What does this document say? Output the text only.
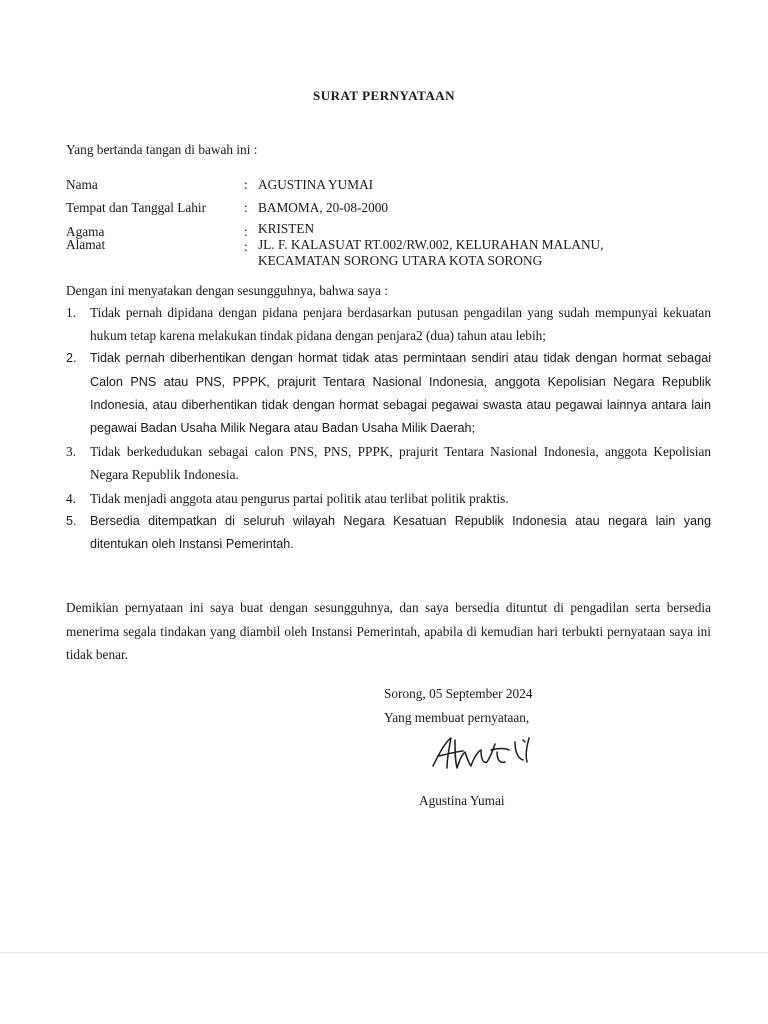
SURAT PERNYATAAN
Yang bertanda tangan di bawah ini :
Nama	: AGUSTINA YUMAI
Tempat dan Tanggal Lahir	: BAMOMA, 20-08-2000
Agama	: KRISTEN
Alamat	: JL. F. KALASUAT RT.002/RW.002, KELURAHAN MALANU,
KECAMATAN SORONG UTARA KOTA SORONG
Dengan ini menyatakan dengan sesungguhnya, bahwa saya :
1. Tidak pernah dipidana dengan pidana penjara berdasarkan putusan pengadilan yang sudah mempunyai kekuatan hukum tetap karena melakukan tindak pidana dengan penjara2 (dua) tahun atau lebih;
2. Tidak pernah diberhentikan dengan hormat tidak atas permintaan sendiri atau tidak dengan hormat sebagai Calon PNS atau PNS, PPPK, prajurit Tentara Nasional Indonesia, anggota Kepolisian Negara Republik Indonesia, atau diberhentikan tidak dengan hormat sebagai pegawai swasta atau pegawai lainnya antara lain pegawai Badan Usaha Milik Negara atau Badan Usaha Milik Daerah;
3. Tidak berkedudukan sebagai calon PNS, PNS, PPPK, prajurit Tentara Nasional Indonesia, anggota Kepolisian Negara Republik Indonesia.
4. Tidak menjadi anggota atau pengurus partai politik atau terlibat politik praktis.
5. Bersedia ditempatkan di seluruh wilayah Negara Kesatuan Republik Indonesia atau negara lain yang ditentukan oleh Instansi Pemerintah.
Demikian pernyataan ini saya buat dengan sesungguhnya, dan saya bersedia dituntut di pengadilan serta bersedia menerima segala tindakan yang diambil oleh Instansi Pemerintah, apabila di kemudian hari terbukti pernyataan saya ini tidak benar.
Sorong, 05 September 2024
Yang membuat pernyataan,
Agustina Yumai
